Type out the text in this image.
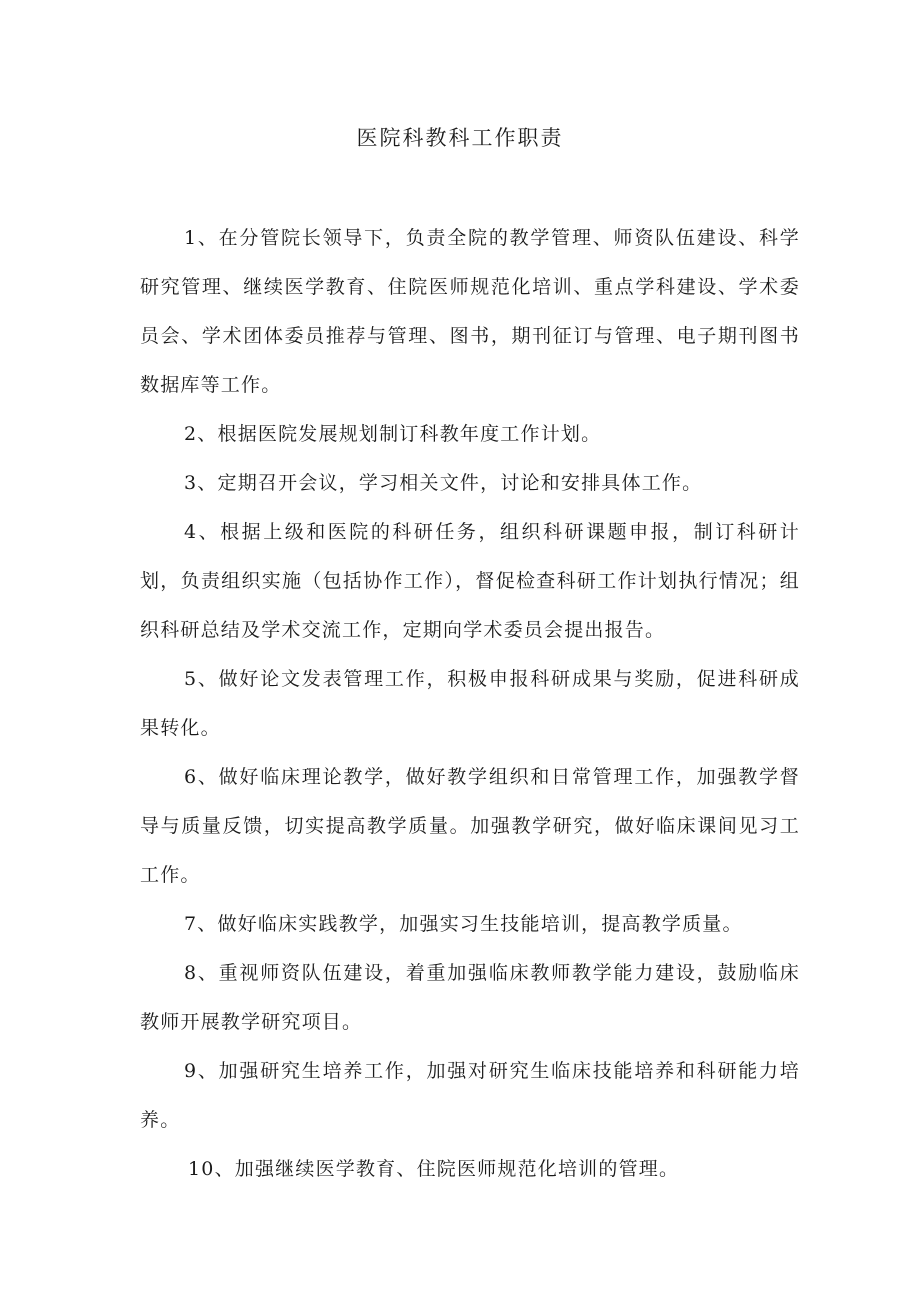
医院科教科工作职责

1、在分管院长领导下，负责全院的教学管理、师资队伍建设、科学研究管理、继续医学教育、住院医师规范化培训、重点学科建设、学术委员会、学术团体委员推荐与管理、图书，期刊征订与管理、电子期刊图书数据库等工作。

2、根据医院发展规划制订科教年度工作计划。

3、定期召开会议，学习相关文件，讨论和安排具体工作。

4、根据上级和医院的科研任务，组织科研课题申报，制订科研计划，负责组织实施（包括协作工作），督促检查科研工作计划执行情况；组织科研总结及学术交流工作，定期向学术委员会提出报告。

5、做好论文发表管理工作，积极申报科研成果与奖励，促进科研成果转化。

6、做好临床理论教学，做好教学组织和日常管理工作，加强教学督导与质量反馈，切实提高教学质量。加强教学研究，做好临床课间见习工工作。

7、做好临床实践教学，加强实习生技能培训，提高教学质量。

8、重视师资队伍建设，着重加强临床教师教学能力建设，鼓励临床教师开展教学研究项目。

9、加强研究生培养工作，加强对研究生临床技能培养和科研能力培养。

10、加强继续医学教育、住院医师规范化培训的管理。
